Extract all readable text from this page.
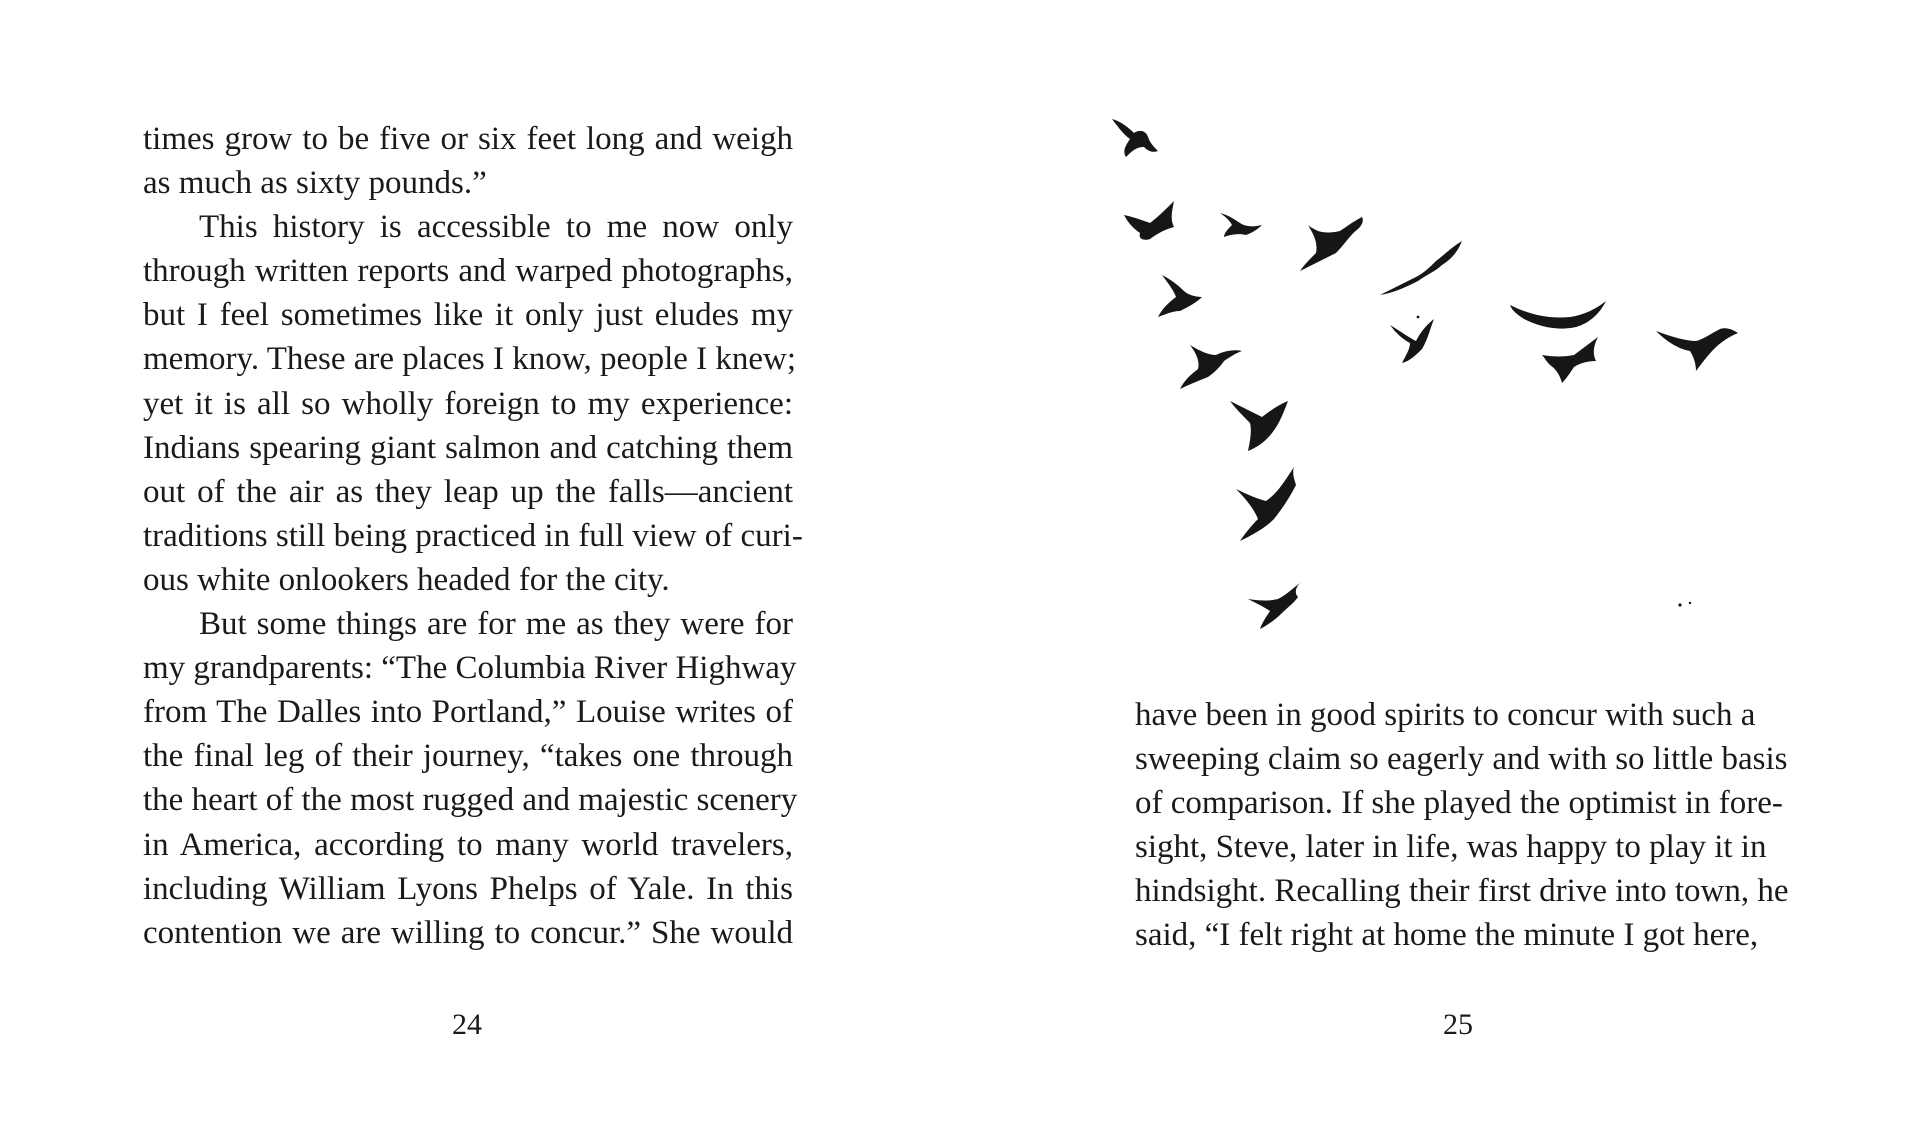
times grow to be five or six feet long and weigh
as much as sixty pounds.”
This history is accessible to me now only
through written reports and warped photographs,
but I feel sometimes like it only just eludes my
memory. These are places I know, people I knew;
yet it is all so wholly foreign to my experience:
Indians spearing giant salmon and catching them
out of the air as they leap up the falls—ancient
traditions still being practiced in full view of curi-
ous white onlookers headed for the city.
But some things are for me as they were for
my grandparents: “The Columbia River Highway
from The Dalles into Portland,” Louise writes of
the final leg of their journey, “takes one through
the heart of the most rugged and majestic scenery
in America, according to many world travelers,
including William Lyons Phelps of Yale. In this
contention we are willing to concur.” She would
24
have been in good spirits to concur with such a
sweeping claim so eagerly and with so little basis
of comparison. If she played the optimist in fore-
sight, Steve, later in life, was happy to play it in
hindsight. Recalling their first drive into town, he
said, “I felt right at home the minute I got here,
25
